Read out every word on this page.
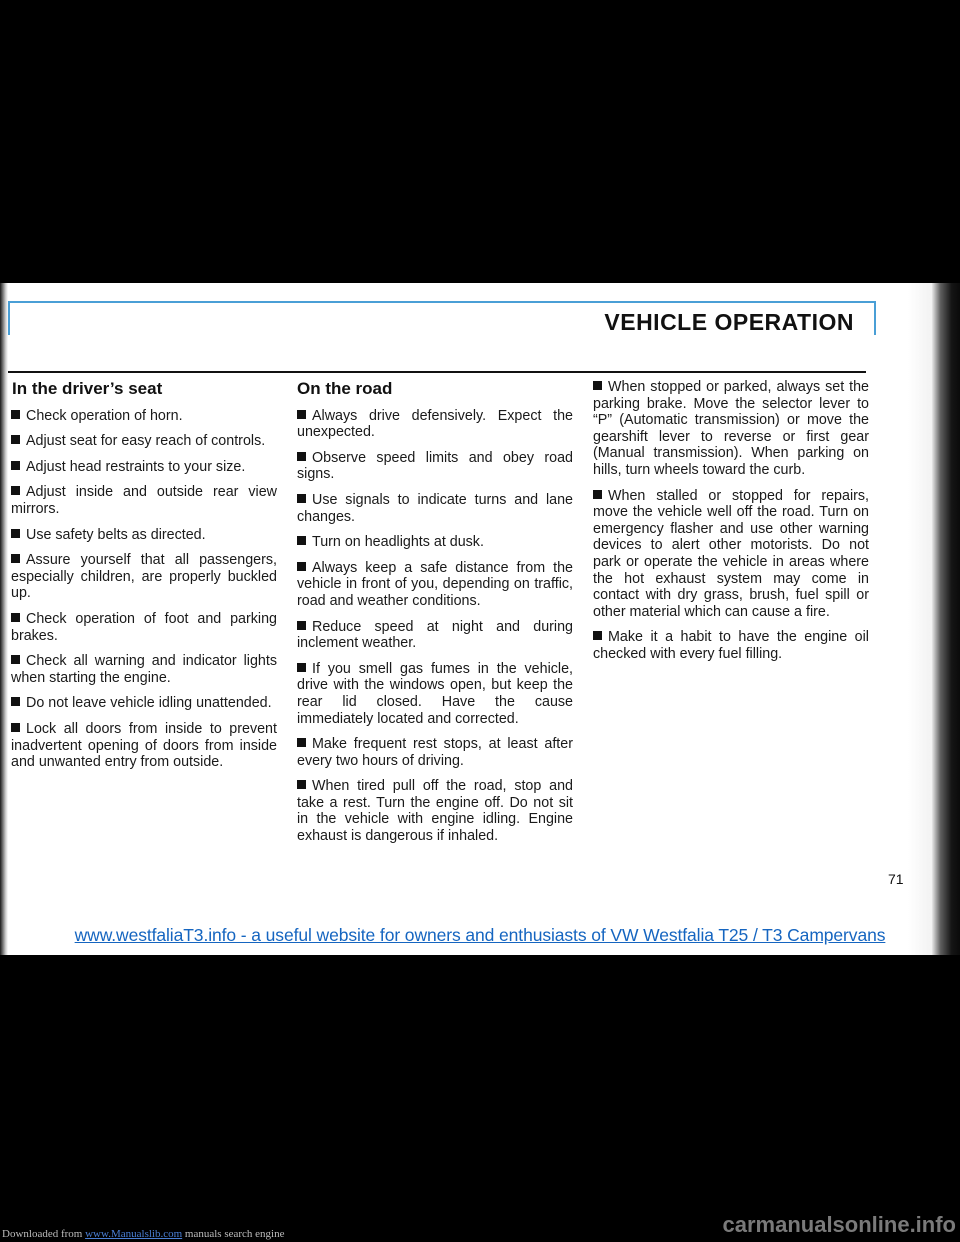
VEHICLE OPERATION
In the driver’s seat
Check operation of horn.
Adjust seat for easy reach of controls.
Adjust head restraints to your size.
Adjust inside and outside rear view mirrors.
Use safety belts as directed.
Assure yourself that all passengers, especially children, are properly buckled up.
Check operation of foot and parking brakes.
Check all warning and indicator lights when starting the engine.
Do not leave vehicle idling unattended.
Lock all doors from inside to prevent inadvertent opening of doors from inside and unwanted entry from outside.
On the road
Always drive defensively. Expect the unexpected.
Observe speed limits and obey road signs.
Use signals to indicate turns and lane changes.
Turn on headlights at dusk.
Always keep a safe distance from the vehicle in front of you, depending on traffic, road and weather conditions.
Reduce speed at night and during inclement weather.
If you smell gas fumes in the vehicle, drive with the windows open, but keep the rear lid closed. Have the cause immediately located and corrected.
Make frequent rest stops, at least after every two hours of driving.
When tired pull off the road, stop and take a rest. Turn the engine off. Do not sit in the vehicle with engine idling. Engine exhaust is dangerous if inhaled.
When stopped or parked, always set the parking brake. Move the selector lever to “P” (Automatic transmission) or move the gearshift lever to reverse or first gear (Manual transmission). When parking on hills, turn wheels toward the curb.
When stalled or stopped for repairs, move the vehicle well off the road. Turn on emergency flasher and use other warning devices to alert other motorists. Do not park or operate the vehicle in areas where the hot exhaust system may come in contact with dry grass, brush, fuel spill or other material which can cause a fire.
Make it a habit to have the engine oil checked with every fuel filling.
71
www.westfaliaT3.info - a useful website for owners and enthusiasts of VW Westfalia T25 / T3 Campervans
Downloaded from www.Manualslib.com manuals search engine	carmanualsonline.info
